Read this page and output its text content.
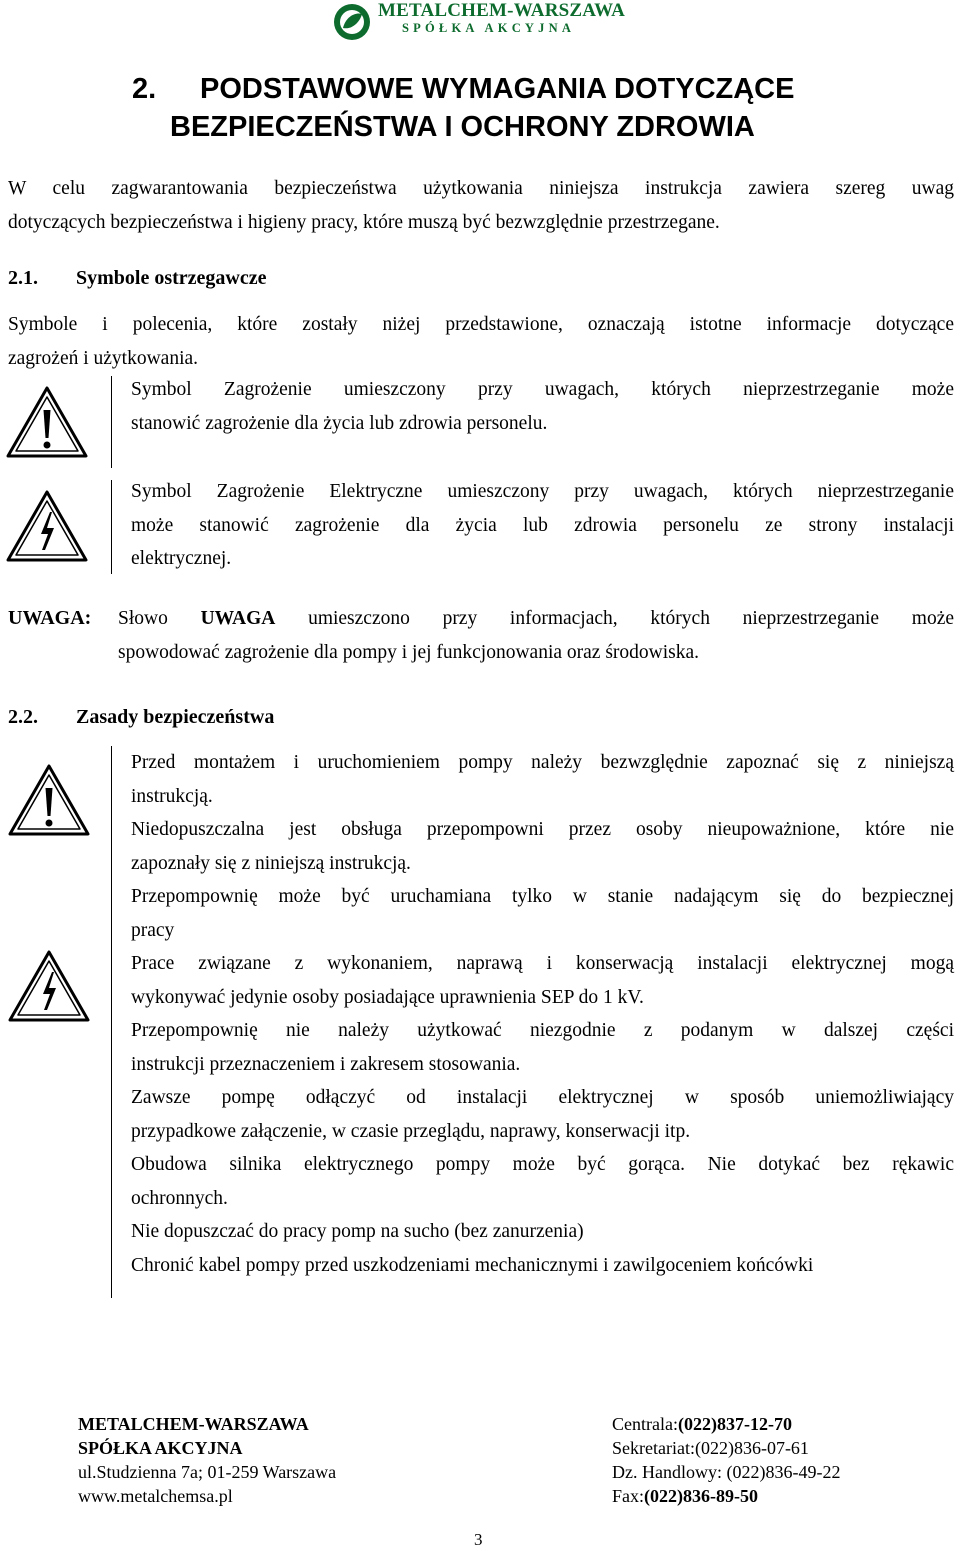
METALCHEM-WARSZAWA
SPÓŁKA AKCYJNA
2. PODSTAWOWE WYMAGANIA DOTYCZĄCE
BEZPIECZEŃSTWA I OCHRONY ZDROWIA
W celu zagwarantowania bezpieczeństwa użytkowania niniejsza instrukcja zawiera szereg uwag
dotyczących bezpieczeństwa i higieny pracy, które muszą być bezwzględnie przestrzegane.
2.1. Symbole ostrzegawcze
Symbole i polecenia, które zostały niżej przedstawione, oznaczają istotne informacje dotyczące
zagrożeń i użytkowania.
Symbol Zagrożenie umieszczony przy uwagach, których nieprzestrzeganie może
stanowić zagrożenie dla życia lub zdrowia personelu.
Symbol Zagrożenie Elektryczne umieszczony przy uwagach, których nieprzestrzeganie
może stanowić zagrożenie dla życia lub zdrowia personelu ze strony instalacji
elektrycznej.
UWAGA: Słowo UWAGA umieszczono przy informacjach, których nieprzestrzeganie może
spowodować zagrożenie dla pompy i jej funkcjonowania oraz środowiska.
2.2. Zasady bezpieczeństwa
Przed montażem i uruchomieniem pompy należy bezwzględnie zapoznać się z niniejszą
instrukcją.
Niedopuszczalna jest obsługa przepompowni przez osoby nieupoważnione, które nie
zapoznały się z niniejszą instrukcją.
Przepompownię może być uruchamiana tylko w stanie nadającym się do bezpiecznej
pracy
Prace związane z wykonaniem, naprawą i konserwacją instalacji elektrycznej mogą
wykonywać jedynie osoby posiadające uprawnienia SEP do 1 kV.
Przepompownię nie należy użytkować niezgodnie z podanym w dalszej części
instrukcji przeznaczeniem i zakresem stosowania.
Zawsze pompę odłączyć od instalacji elektrycznej w sposób uniemożliwiający
przypadkowe załączenie, w czasie przeglądu, naprawy, konserwacji itp.
Obudowa silnika elektrycznego pompy może być gorąca. Nie dotykać bez rękawic
ochronnych.
Nie dopuszczać do pracy pomp na sucho (bez zanurzenia)
Chronić kabel pompy przed uszkodzeniami mechanicznymi i zawilgoceniem końcówki
METALCHEM-WARSZAWA
SPÓŁKA AKCYJNA
ul.Studzienna 7a; 01-259 Warszawa
www.metalchemsa.pl
Centrala:(022)837-12-70
Sekretariat:(022)836-07-61
Dz. Handlowy: (022)836-49-22
Fax:(022)836-89-50
3
